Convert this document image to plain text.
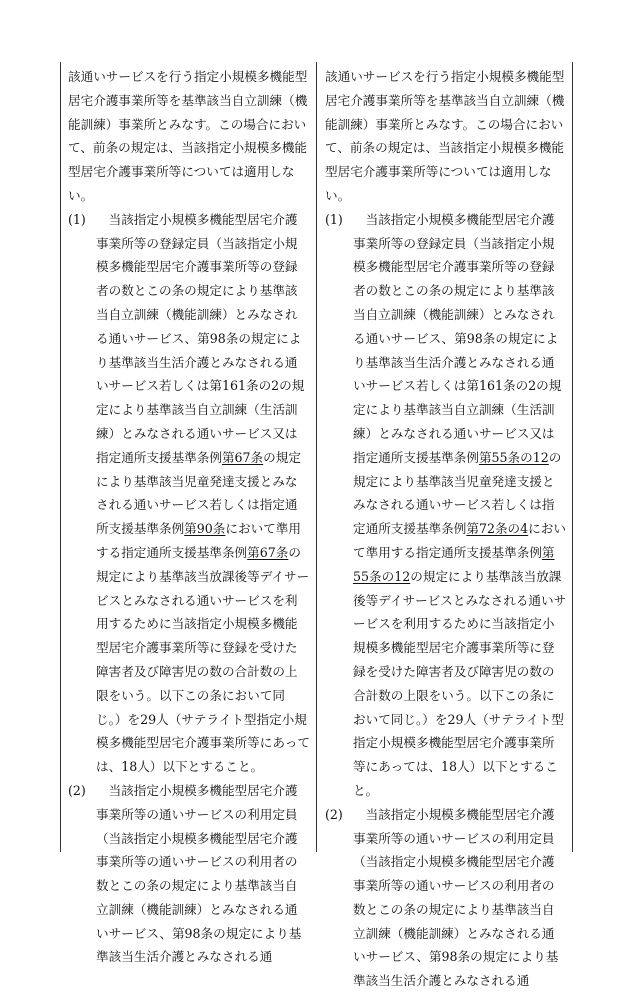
該通いサービスを行う指定小規模多機能型居宅介護事業所等を基準該当自立訓練（機能訓練）事業所とみなす。この場合において、前条の規定は、当該指定小規模多機能型居宅介護事業所等については適用しない。

(1) 　当該指定小規模多機能型居宅介護事業所等の登録定員（当該指定小規模多機能型居宅介護事業所等の登録者の数とこの条の規定により基準該当自立訓練（機能訓練）とみなされる通いサービス、第98条の規定により基準該当生活介護とみなされる通いサービス若しくは第161条の2の規定により基準該当自立訓練（生活訓練）とみなされる通いサービス又は指定通所支援基準条例第67条の規定により基準該当児童発達支援とみなされる通いサービス若しくは指定通所支援基準条例第90条において準用する指定通所支援基準条例第67条の規定により基準該当放課後等デイサービスとみなされる通いサービスを利用するために当該指定小規模多機能型居宅介護事業所等に登録を受けた障害者及び障害児の数の合計数の上限をいう。以下この条において同じ。）を29人（サテライト型指定小規模多機能型居宅介護事業所等にあっては、18人）以下とすること。
(2) 　当該指定小規模多機能型居宅介護事業所等の通いサービスの利用定員（当該指定小規模多機能型居宅介護事業所等の通いサービスの利用者の数とこの条の規定により基準該当自立訓練（機能訓練）とみなされる通いサービス、第98条の規定により基準該当生活介護とみなされる通

該通いサービスを行う指定小規模多機能型居宅介護事業所等を基準該当自立訓練（機能訓練）事業所とみなす。この場合において、前条の規定は、当該指定小規模多機能型居宅介護事業所等については適用しない。

(1) 　当該指定小規模多機能型居宅介護事業所等の登録定員（当該指定小規模多機能型居宅介護事業所等の登録者の数とこの条の規定により基準該当自立訓練（機能訓練）とみなされる通いサービス、第98条の規定により基準該当生活介護とみなされる通いサービス若しくは第161条の2の規定により基準該当自立訓練（生活訓練）とみなされる通いサービス又は指定通所支援基準条例第55条の12の規定により基準該当児童発達支援とみなされる通いサービス若しくは指定通所支援基準条例第72条の4において準用する指定通所支援基準条例第55条の12の規定により基準該当放課後等デイサービスとみなされる通いサービスを利用するために当該指定小規模多機能型居宅介護事業所等に登録を受けた障害者及び障害児の数の合計数の上限をいう。以下この条において同じ。）を29人（サテライト型指定小規模多機能型居宅介護事業所等にあっては、18人）以下とすること。
(2) 　当該指定小規模多機能型居宅介護事業所等の通いサービスの利用定員（当該指定小規模多機能型居宅介護事業所等の通いサービスの利用者の数とこの条の規定により基準該当自立訓練（機能訓練）とみなされる通いサービス、第98条の規定により基準該当生活介護とみなされる通
